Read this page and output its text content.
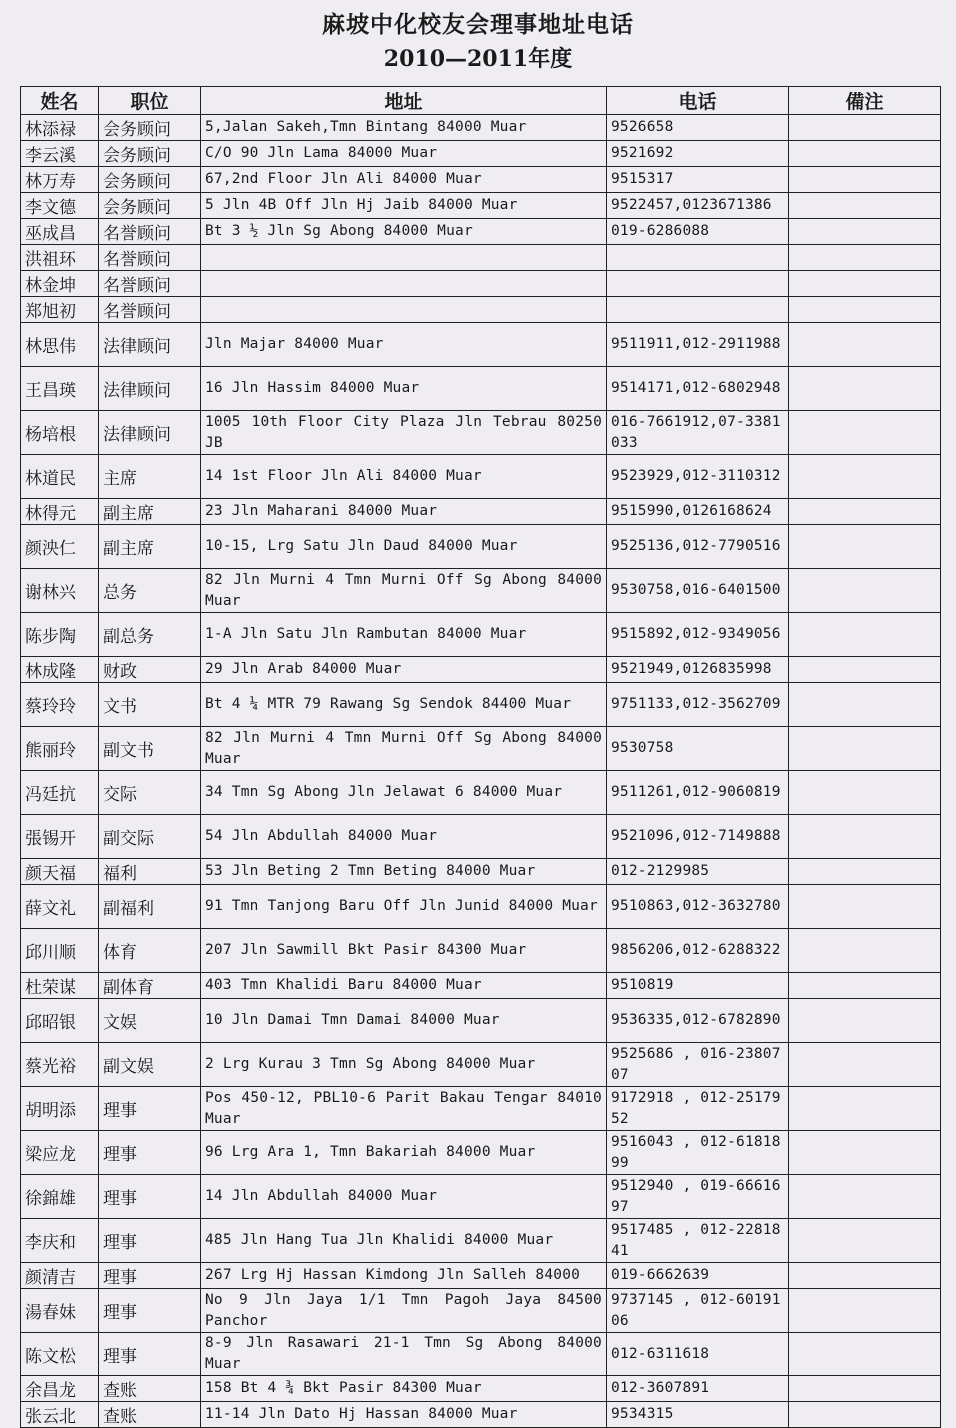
麻坡中化校友会理事地址电话
2010—2011年度
姓名	职位	地址	电话	備注
林添禄	会务顾问	5,Jalan Sakeh,Tmn Bintang 84000 Muar	9526658	
李云溪	会务顾问	C/O 90 Jln Lama 84000 Muar	9521692	
林万寿	会务顾问	67,2nd Floor Jln Ali 84000 Muar	9515317	
李文德	会务顾问	5 Jln 4B Off Jln Hj Jaib 84000 Muar	9522457,0123671386	
巫成昌	名誉顾问	Bt 3 ½ Jln Sg Abong 84000 Muar	019-6286088	
洪祖环	名誉顾问			
林金坤	名誉顾问			
郑旭初	名誉顾问			
林思伟	法律顾问	Jln Majar 84000 Muar	9511911,012-2911988	
王昌瑛	法律顾问	16 Jln Hassim 84000 Muar	9514171,012-6802948	
杨培根	法律顾问	1005 10th Floor City Plaza Jln Tebrau 80250 JB	016-7661912,07-3381033	
林道民	主席	14 1st Floor Jln Ali 84000 Muar	9523929,012-3110312	
林得元	副主席	23 Jln Maharani 84000 Muar	9515990,0126168624	
颜泱仁	副主席	10-15, Lrg Satu Jln Daud 84000 Muar	9525136,012-7790516	
谢林兴	总务	82 Jln Murni 4 Tmn Murni Off Sg Abong 84000 Muar	9530758,016-6401500	
陈步陶	副总务	1-A Jln Satu Jln Rambutan 84000 Muar	9515892,012-9349056	
林成隆	财政	29 Jln Arab 84000 Muar	9521949,0126835998	
蔡玲玲	文书	Bt 4 ¼ MTR 79 Rawang Sg Sendok 84400 Muar	9751133,012-3562709	
熊丽玲	副文书	82 Jln Murni 4 Tmn Murni Off Sg Abong 84000 Muar	9530758	
冯廷抗	交际	34 Tmn Sg Abong Jln Jelawat 6 84000 Muar	9511261,012-9060819	
張锡开	副交际	54 Jln Abdullah 84000 Muar	9521096,012-7149888	
颜天福	福利	53 Jln Beting 2 Tmn Beting 84000 Muar	012-2129985	
薛文礼	副福利	91 Tmn Tanjong Baru Off Jln Junid 84000 Muar	9510863,012-3632780	
邱川顺	体育	207 Jln Sawmill Bkt Pasir 84300 Muar	9856206,012-6288322	
杜荣谋	副体育	403 Tmn Khalidi Baru 84000 Muar	9510819	
邱昭银	文娱	10 Jln Damai Tmn Damai 84000 Muar	9536335,012-6782890	
蔡光裕	副文娱	2 Lrg Kurau 3 Tmn Sg Abong 84000 Muar	9525686 , 016-2380707	
胡明添	理事	Pos 450-12, PBL10-6 Parit Bakau Tengar 84010 Muar	9172918 , 012-2517952	
梁应龙	理事	96 Lrg Ara 1, Tmn Bakariah 84000 Muar	9516043 , 012-6181899	
徐錦雄	理事	14 Jln Abdullah 84000 Muar	9512940 , 019-6661697	
李庆和	理事	485 Jln Hang Tua Jln Khalidi 84000 Muar	9517485 , 012-2281841	
颜清吉	理事	267 Lrg Hj Hassan Kimdong Jln Salleh 84000	019-6662639	
湯春妹	理事	No 9 Jln Jaya 1/1 Tmn Pagoh Jaya 84500 Panchor	9737145 , 012-6019106	
陈文松	理事	8-9 Jln Rasawari 21-1 Tmn Sg Abong 84000 Muar	012-6311618	
余昌龙	查账	158 Bt 4 ¾ Bkt Pasir 84300 Muar	012-3607891	
张云北	查账	11-14 Jln Dato Hj Hassan 84000 Muar	9534315	
